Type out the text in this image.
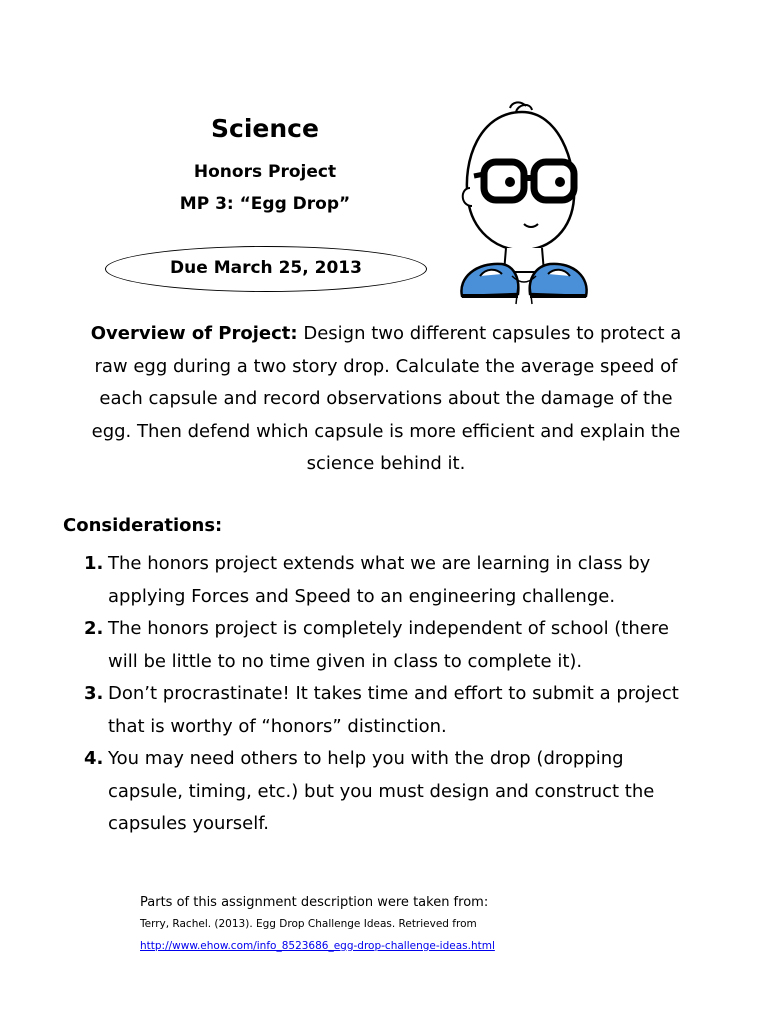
Science
Honors Project
MP 3: “Egg Drop”
Due March 25, 2013
Overview of Project: Design two different capsules to protect a raw egg during a two story drop. Calculate the average speed of each capsule and record observations about the damage of the egg. Then defend which capsule is more efficient and explain the science behind it.
Considerations:
1. The honors project extends what we are learning in class by applying Forces and Speed to an engineering challenge.
2. The honors project is completely independent of school (there will be little to no time given in class to complete it).
3. Don’t procrastinate! It takes time and effort to submit a project that is worthy of “honors” distinction.
4. You may need others to help you with the drop (dropping capsule, timing, etc.) but you must design and construct the capsules yourself.
Parts of this assignment description were taken from:
Terry, Rachel. (2013). Egg Drop Challenge Ideas. Retrieved from
http://www.ehow.com/info_8523686_egg-drop-challenge-ideas.html
